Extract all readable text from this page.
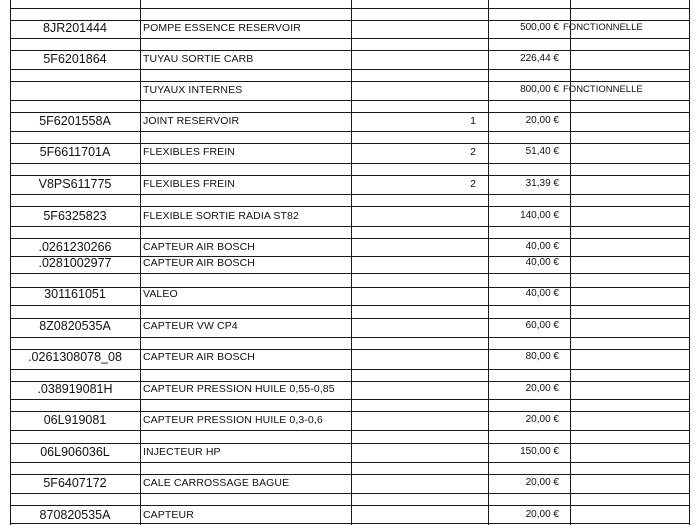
8JR201444	POMPE ESSENCE RESERVOIR	500,00 € FONCTIONNELLE
5F6201864	TUYAU SORTIE CARB	226,44 €
TUYAUX INTERNES	800,00 € FONCTIONNELLE
5F6201558A	JOINT RESERVOIR	1	20,00 €
5F6611701A	FLEXIBLES FREIN	2	51,40 €
V8PS611775	FLEXIBLES FREIN	2	31,39 €
5F6325823	FLEXIBLE SORTIE RADIA ST82	140,00 €
.0261230266	CAPTEUR AIR BOSCH	40,00 €
.0281002977	CAPTEUR AIR BOSCH	40,00 €
301161051	VALEO	40,00 €
8Z0820535A	CAPTEUR VW CP4	60,00 €
.0261308078_08	CAPTEUR AIR BOSCH	80,00 €
.038919081H	CAPTEUR PRESSION HUILE 0,55-0,85	20,00 €
06L919081	CAPTEUR PRESSION HUILE 0,3-0,6	20,00 €
06L906036L	INJECTEUR HP	150,00 €
5F6407172	CALE CARROSSAGE BAGUE	20,00 €
870820535A	CAPTEUR	20,00 €
